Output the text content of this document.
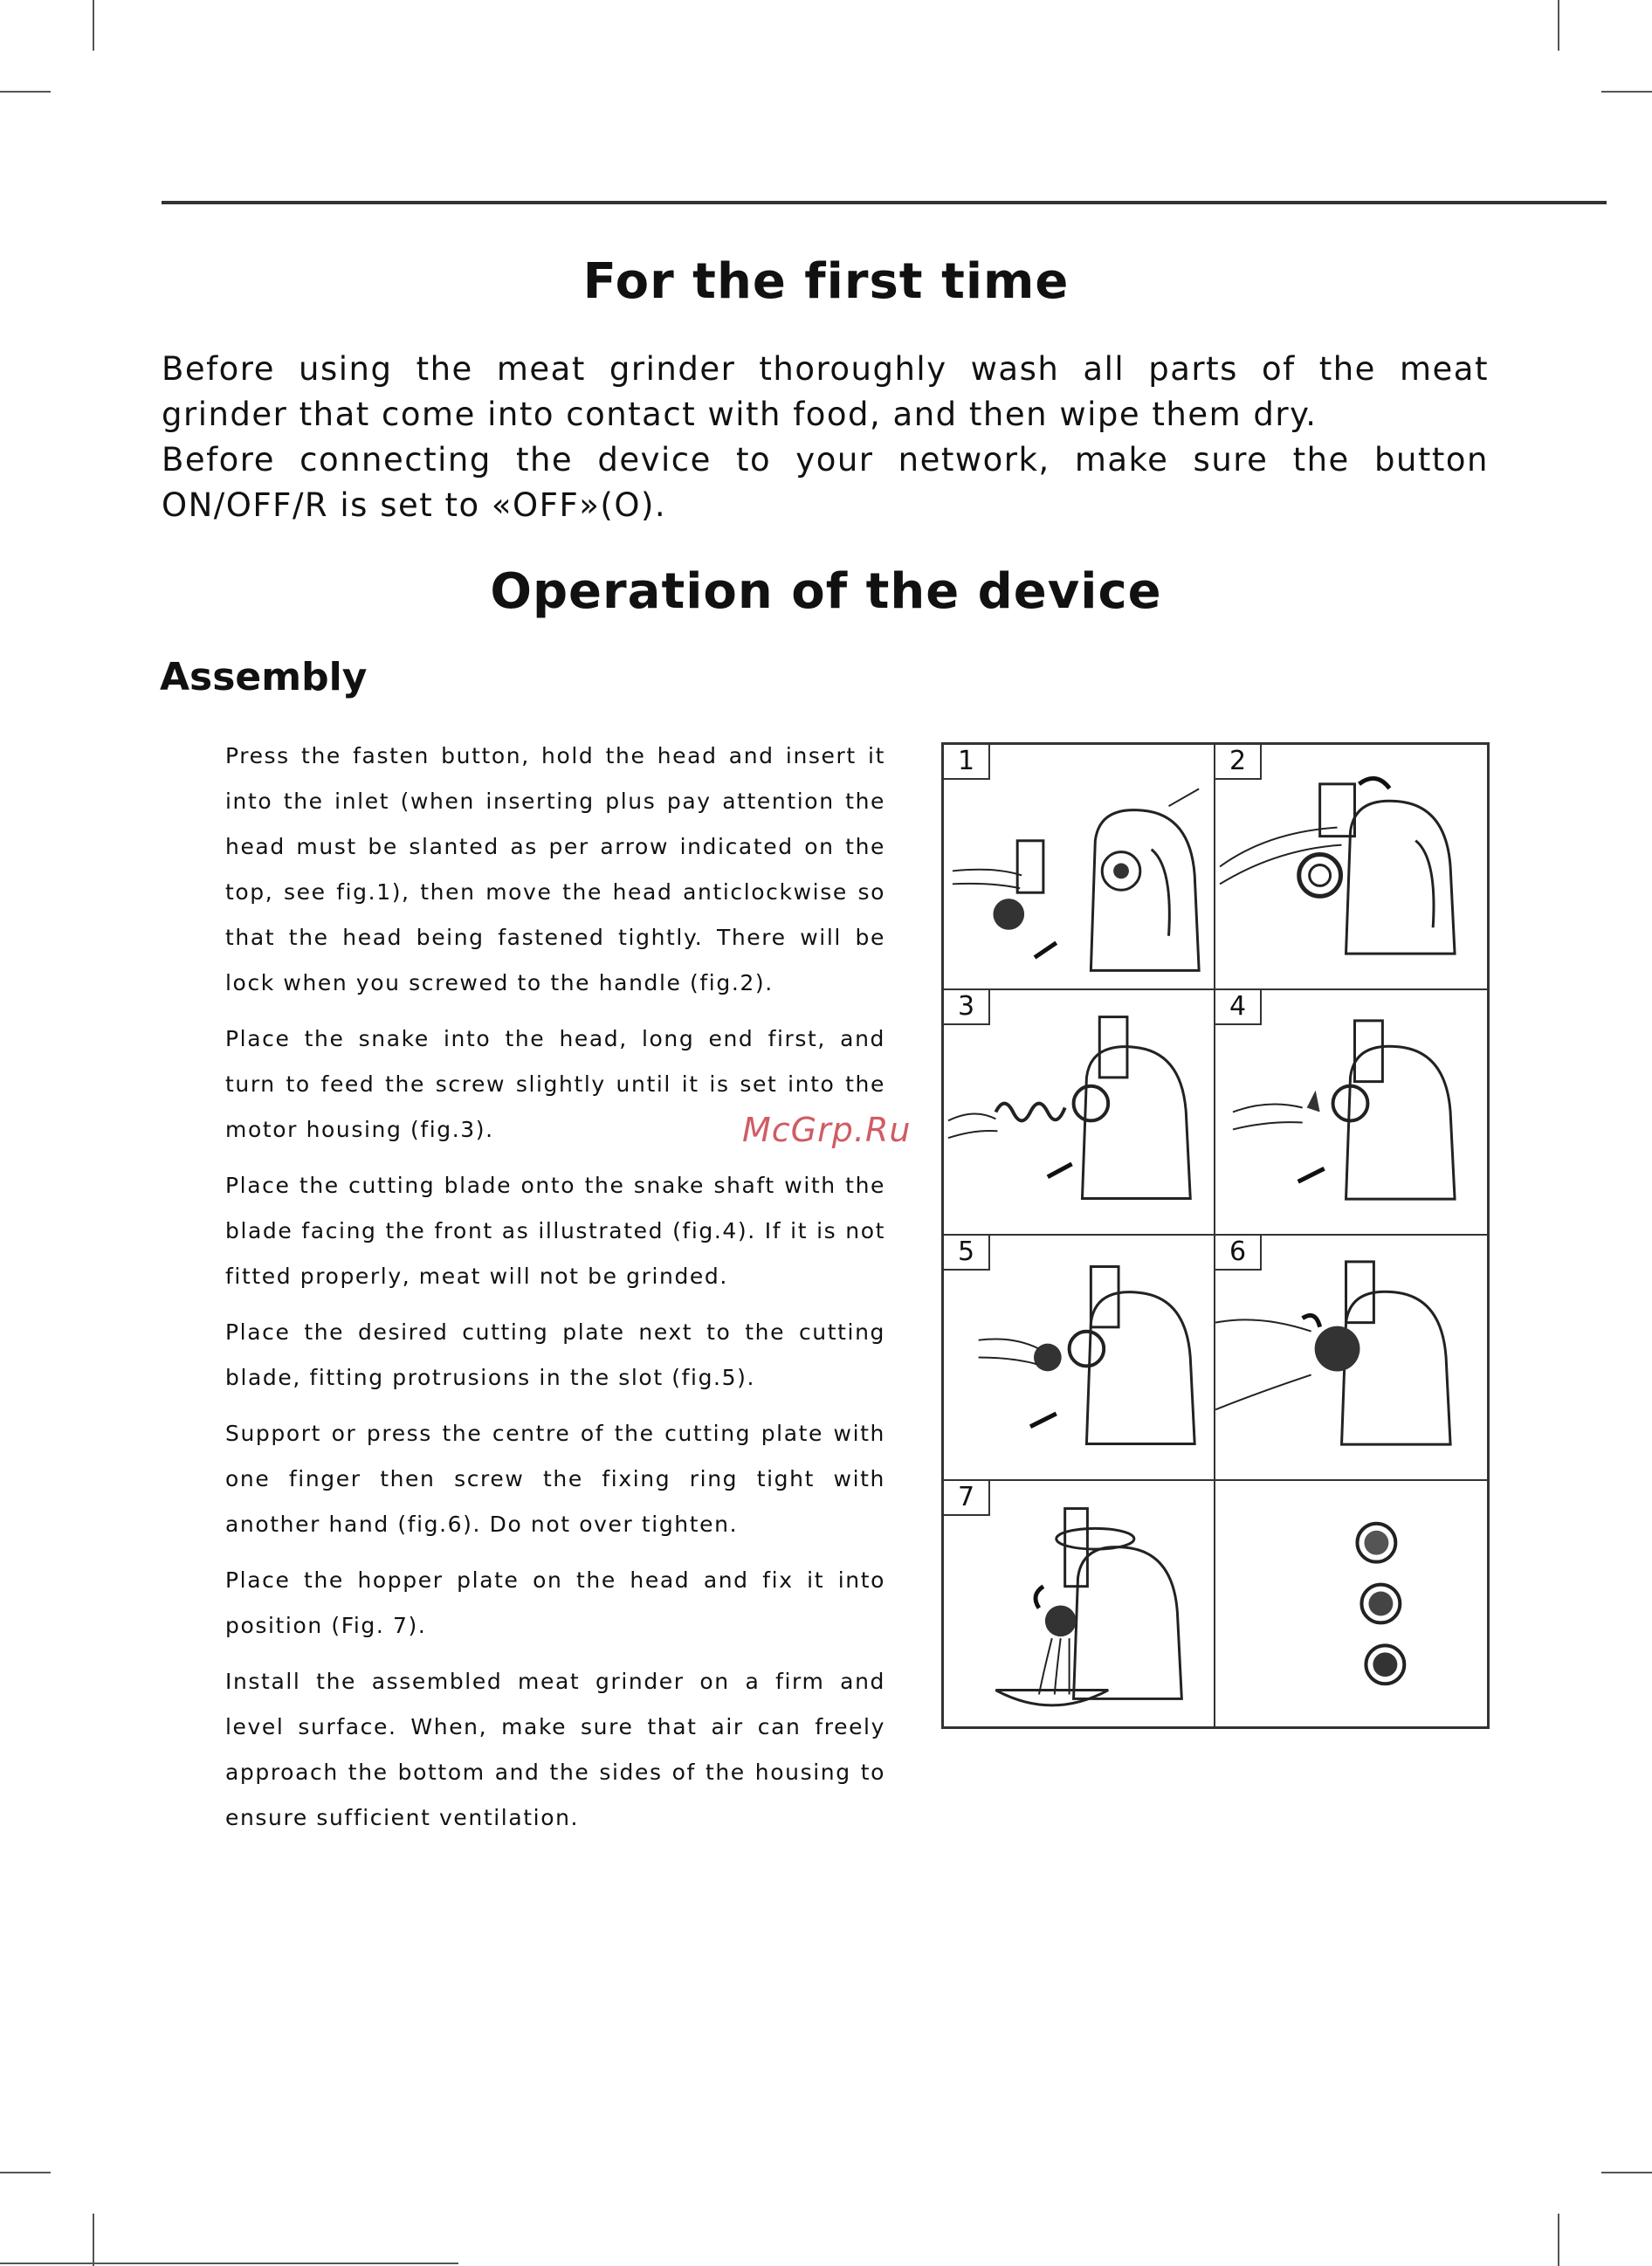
For the first time

Before using the meat grinder thoroughly wash all parts of the meat grinder that come into contact with food, and then wipe them dry.

Before connecting the device to your network, make sure the button ON/OFF/R is set to «OFF»(O).

Operation of the device
Assembly

Press the fasten button, hold the head and insert it into the inlet (when inserting plus pay attention the head must be slanted as per arrow indicated on the top, see fig.1), then move the head anticlockwise so that the head being fastened tightly. There will be lock when you screwed to the handle (fig.2).

Place the snake into the head, long end first, and turn to feed the screw slightly until it is set into the motor housing (fig.3).

Place the cutting blade onto the snake shaft with the blade facing the front as illustrated (fig.4). If it is not fitted properly, meat will not be grinded.

Place the desired cutting plate next to the cutting blade, fitting protrusions in the slot (fig.5).

Support or press the centre of the cutting plate with one finger then screw the fixing ring tight with another hand (fig.6). Do not over tighten.

Place the hopper plate on the head and fix it into position (Fig. 7).

Install the assembled meat grinder on a firm and level surface. When, make sure that air can freely approach the bottom and the sides of the housing to ensure sufficient ventilation.

McGrp.Ru
1	2
3	4
5	6
7
